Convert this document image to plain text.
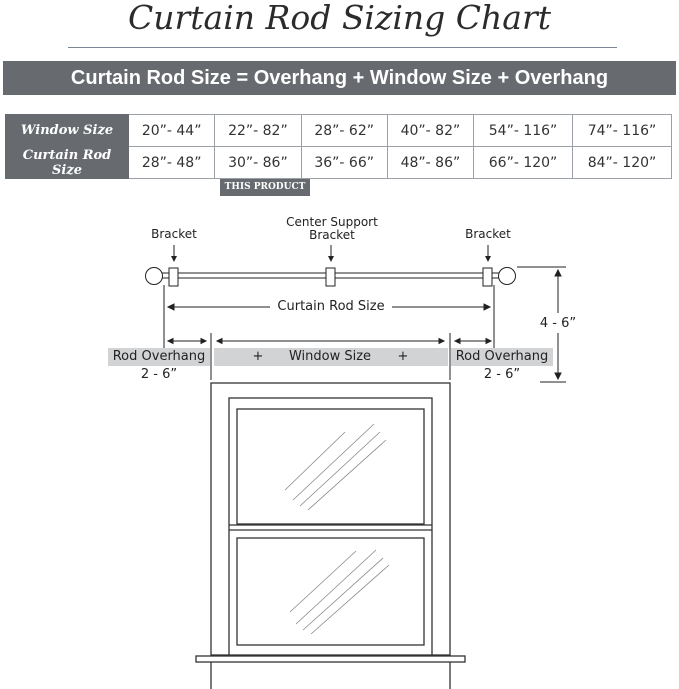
Curtain Rod Sizing Chart
Curtain Rod Size = Overhang + Window Size + Overhang
Window Size	20”- 44”	22”- 82”	28”- 62”	40”- 82”	54”- 116”	74”- 116”
Curtain Rod Size	28”- 48”	30”- 86”	36”- 66”	48”- 86”	66”- 120”	84”- 120”
THIS PRODUCT
Bracket
Center Support
Bracket	Bracket
Rod Overhang	+	Window Size	+	Rod Overhang
2 - 6”	2 - 6”
Curtain Rod Size
4 - 6”
